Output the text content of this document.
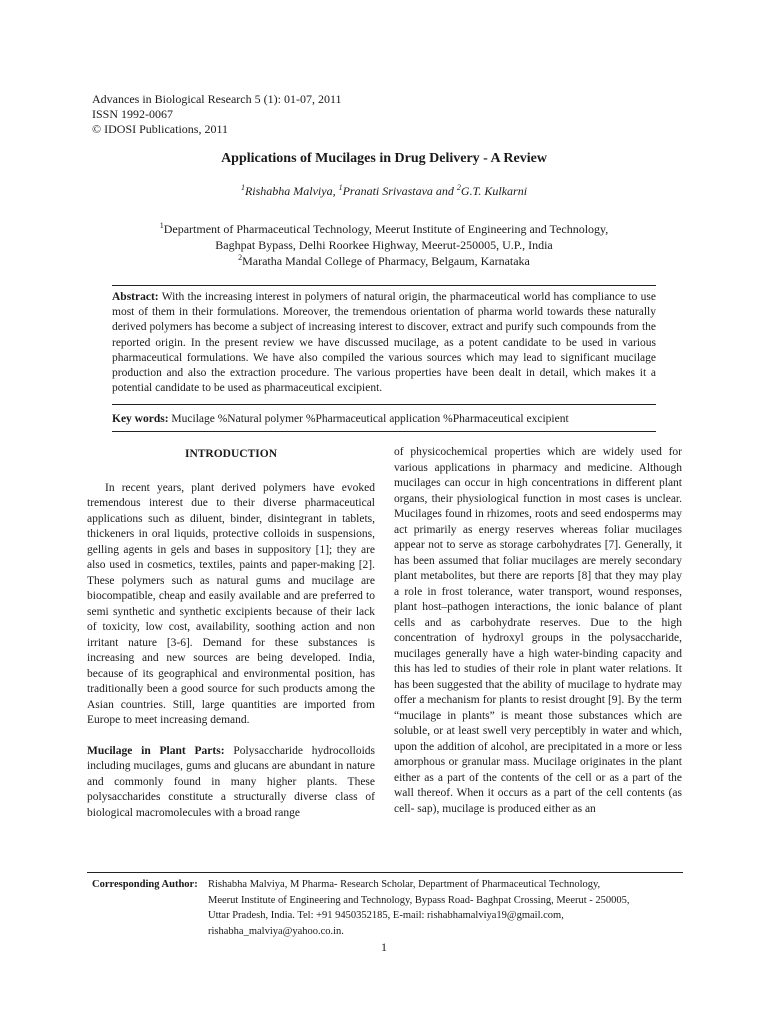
Advances in Biological Research 5 (1): 01-07, 2011
ISSN 1992-0067
© IDOSI Publications, 2011
Applications of Mucilages in Drug Delivery - A Review
$^1$Rishabha Malviya, $^1$Pranati Srivastava and $^2$G.T. Kulkarni
$^1$Department of Pharmaceutical Technology, Meerut Institute of Engineering and Technology,
Baghpat Bypass, Delhi Roorkee Highway, Meerut-250005, U.P., India
$^2$Maratha Mandal College of Pharmacy, Belgaum, Karnataka
Abstract: With the increasing interest in polymers of natural origin, the pharmaceutical world has compliance to use most of them in their formulations. Moreover, the tremendous orientation of pharma world towards these naturally derived polymers has become a subject of increasing interest to discover, extract and purify such compounds from the reported origin. In the present review we have discussed mucilage, as a potent candidate to be used in various pharmaceutical formulations. We have also compiled the various sources which may lead to significant mucilage production and also the extraction procedure. The various properties have been dealt in detail, which makes it a potential candidate to be used as pharmaceutical excipient.
Key words: Mucilage %Natural polymer %Pharmaceutical application %Pharmaceutical excipient
INTRODUCTION

In recent years, plant derived polymers have evoked tremendous interest due to their diverse pharmaceutical applications such as diluent, binder, disintegrant in tablets, thickeners in oral liquids, protective colloids in suspensions, gelling agents in gels and bases in suppository [1]; they are also used in cosmetics, textiles, paints and paper-making [2]. These polymers such as natural gums and mucilage are biocompatible, cheap and easily available and are preferred to semi synthetic and synthetic excipients because of their lack of toxicity, low cost, availability, soothing action and non irritant nature [3-6]. Demand for these substances is increasing and new sources are being developed. India, because of its geographical and environmental position, has traditionally been a good source for such products among the Asian countries. Still, large quantities are imported from Europe to meet increasing demand.

Mucilage in Plant Parts: Polysaccharide hydrocolloids including mucilages, gums and glucans are abundant in nature and commonly found in many higher plants. These polysaccharides constitute a structurally diverse class of biological macromolecules with a broad range

of physicochemical properties which are widely used for various applications in pharmacy and medicine. Although mucilages can occur in high concentrations in different plant organs, their physiological function in most cases is unclear. Mucilages found in rhizomes, roots and seed endosperms may act primarily as energy reserves whereas foliar mucilages appear not to serve as storage carbohydrates [7]. Generally, it has been assumed that foliar mucilages are merely secondary plant metabolites, but there are reports [8] that they may play a role in frost tolerance, water transport, wound responses, plant host–pathogen interactions, the ionic balance of plant cells and as carbohydrate reserves. Due to the high concentration of hydroxyl groups in the polysaccharide, mucilages generally have a high water-binding capacity and this has led to studies of their role in plant water relations. It has been suggested that the ability of mucilage to hydrate may offer a mechanism for plants to resist drought [9]. By the term “mucilage in plants” is meant those substances which are soluble, or at least swell very perceptibly in water and which, upon the addition of alcohol, are precipitated in a more or less amorphous or granular mass. Mucilage originates in the plant either as a part of the contents of the cell or as a part of the wall thereof. When it occurs as a part of the cell contents (as cell- sap), mucilage is produced either as an

Corresponding Author: Rishabha Malviya, M Pharma- Research Scholar, Department of Pharmaceutical Technology,
Meerut Institute of Engineering and Technology, Bypass Road- Baghpat Crossing, Meerut - 250005,
Uttar Pradesh, India. Tel: +91 9450352185, E-mail: rishabhamalviya19@gmail.com,
rishabha_malviya@yahoo.co.in.
1
